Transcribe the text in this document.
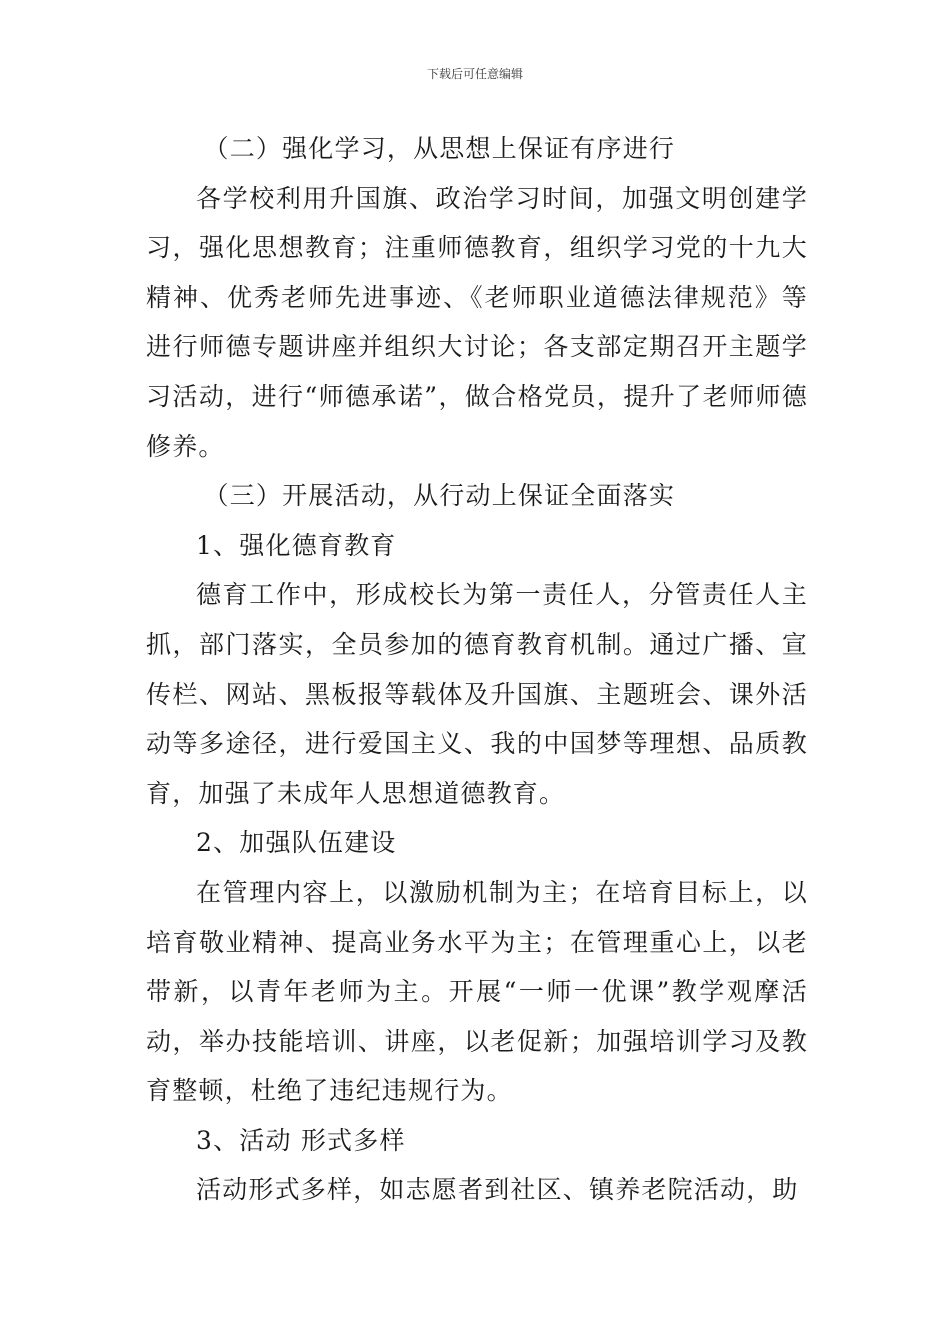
下载后可任意编辑

（二）强化学习，从思想上保证有序进行

各学校利用升国旗、政治学习时间，加强文明创建学习，强化思想教育；注重师德教育，组织学习党的十九大精神、优秀老师先进事迹、《老师职业道德法律规范》等进行师德专题讲座并组织大讨论；各支部定期召开主题学习活动，进行“师德承诺”，做合格党员，提升了老师师德修养。

（三）开展活动，从行动上保证全面落实

1、强化德育教育

德育工作中，形成校长为第一责任人，分管责任人主抓，部门落实，全员参加的德育教育机制。通过广播、宣传栏、网站、黑板报等载体及升国旗、主题班会、课外活动等多途径，进行爱国主义、我的中国梦等理想、品质教育，加强了未成年人思想道德教育。

2、加强队伍建设

在管理内容上，以激励机制为主；在培育目标上，以培育敬业精神、提高业务水平为主；在管理重心上，以老带新，以青年老师为主。开展“一师一优课”教学观摩活动，举办技能培训、讲座，以老促新；加强培训学习及教育整顿，杜绝了违纪违规行为。

3、活动 形式多样

活动形式多样，如志愿者到社区、镇养老院活动，助
